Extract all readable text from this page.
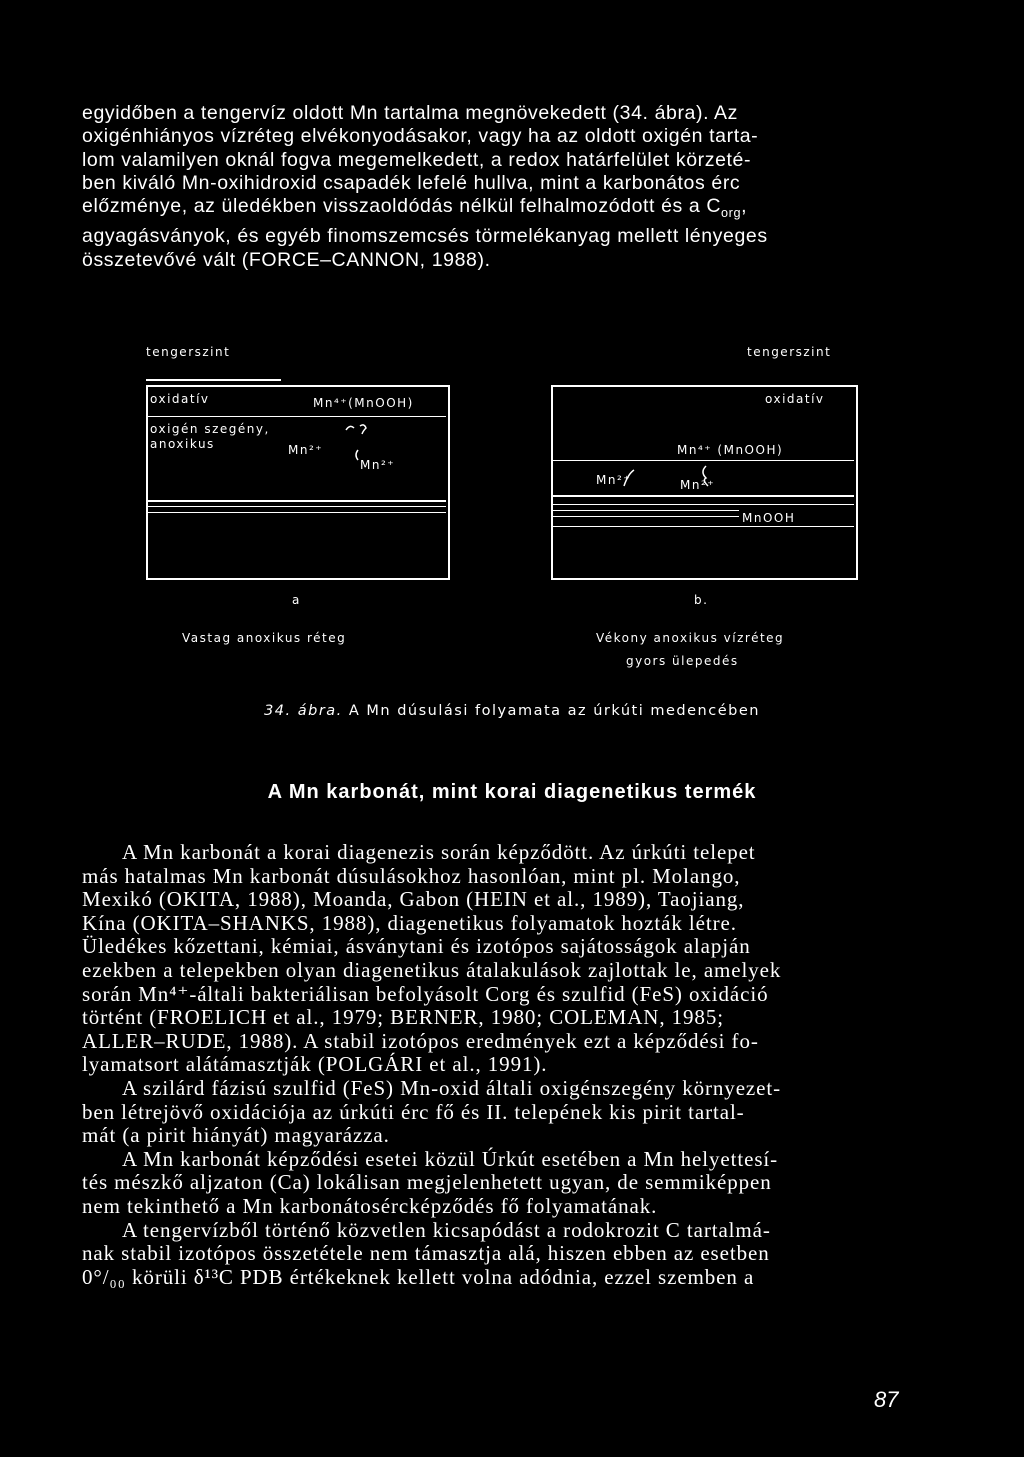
egyidőben a tengervíz oldott Mn tartalma megnövekedett (34. ábra). Az
oxigénhiányos vízréteg elvékonyodásakor, vagy ha az oldott oxigén tarta-
lom valamilyen oknál fogva megemelkedett, a redox határfelület körzeté-
ben kiváló Mn-oxihidroxid csapadék lefelé hullva, mint a karbonátos érc
előzménye, az üledékben visszaoldódás nélkül felhalmozódott és a $C_{org}$,
agyagásványok, és egyéb finomszemcsés törmelékanyag mellett lényeges
összetevővé vált (FORCE–CANNON, 1988).
tengerszint
oxidatív	Mn⁴⁺(MnOOH)
oxigén szegény,
anoxikus	Mn²⁺
Mn²⁺
a
Vastag anoxikus réteg
tengerszint
oxidatív
Mn⁴⁺ (MnOOH)
Mn²⁺	Mn²⁺
MnOOH
b.
Vékony anoxikus vízréteg
gyors ülepedés
34. ábra. A Mn dúsulási folyamata az úrkúti medencében
A Mn karbonát, mint korai diagenetikus termék
A Mn karbonát a korai diagenezis során képződött. Az úrkúti telepet
más hatalmas Mn karbonát dúsulásokhoz hasonlóan, mint pl. Molango,
Mexikó (OKITA, 1988), Moanda, Gabon (HEIN et al., 1989), Taojiang,
Kína (OKITA–SHANKS, 1988), diagenetikus folyamatok hozták létre.
Üledékes kőzettani, kémiai, ásványtani és izotópos sajátosságok alapján
ezekben a telepekben olyan diagenetikus átalakulások zajlottak le, amelyek
során Mn⁴⁺-általi bakteriálisan befolyásolt Corg és szulfid (FeS) oxidáció
történt (FROELICH et al., 1979; BERNER, 1980; COLEMAN, 1985;
ALLER–RUDE, 1988). A stabil izotópos eredmények ezt a képződési fo-
lyamatsort alátámasztják (POLGÁRI et al., 1991).
A szilárd fázisú szulfid (FeS) Mn-oxid általi oxigénszegény környezet-
ben létrejövő oxidációja az úrkúti érc fő és II. telepének kis pirit tartal-
mát (a pirit hiányát) magyarázza.
A Mn karbonát képződési esetei közül Úrkút esetében a Mn helyettesí-
tés mészkő aljzaton (Ca) lokálisan megjelenhetett ugyan, de semmiképpen
nem tekinthető a Mn karbonátosércképződés fő folyamatának.
A tengervízből történő közvetlen kicsapódást a rodokrozit C tartalmá-
nak stabil izotópos összetétele nem támasztja alá, hiszen ebben az esetben
0°/₀₀ körüli δ¹³C PDB értékeknek kellett volna adódnia, ezzel szemben a
87
